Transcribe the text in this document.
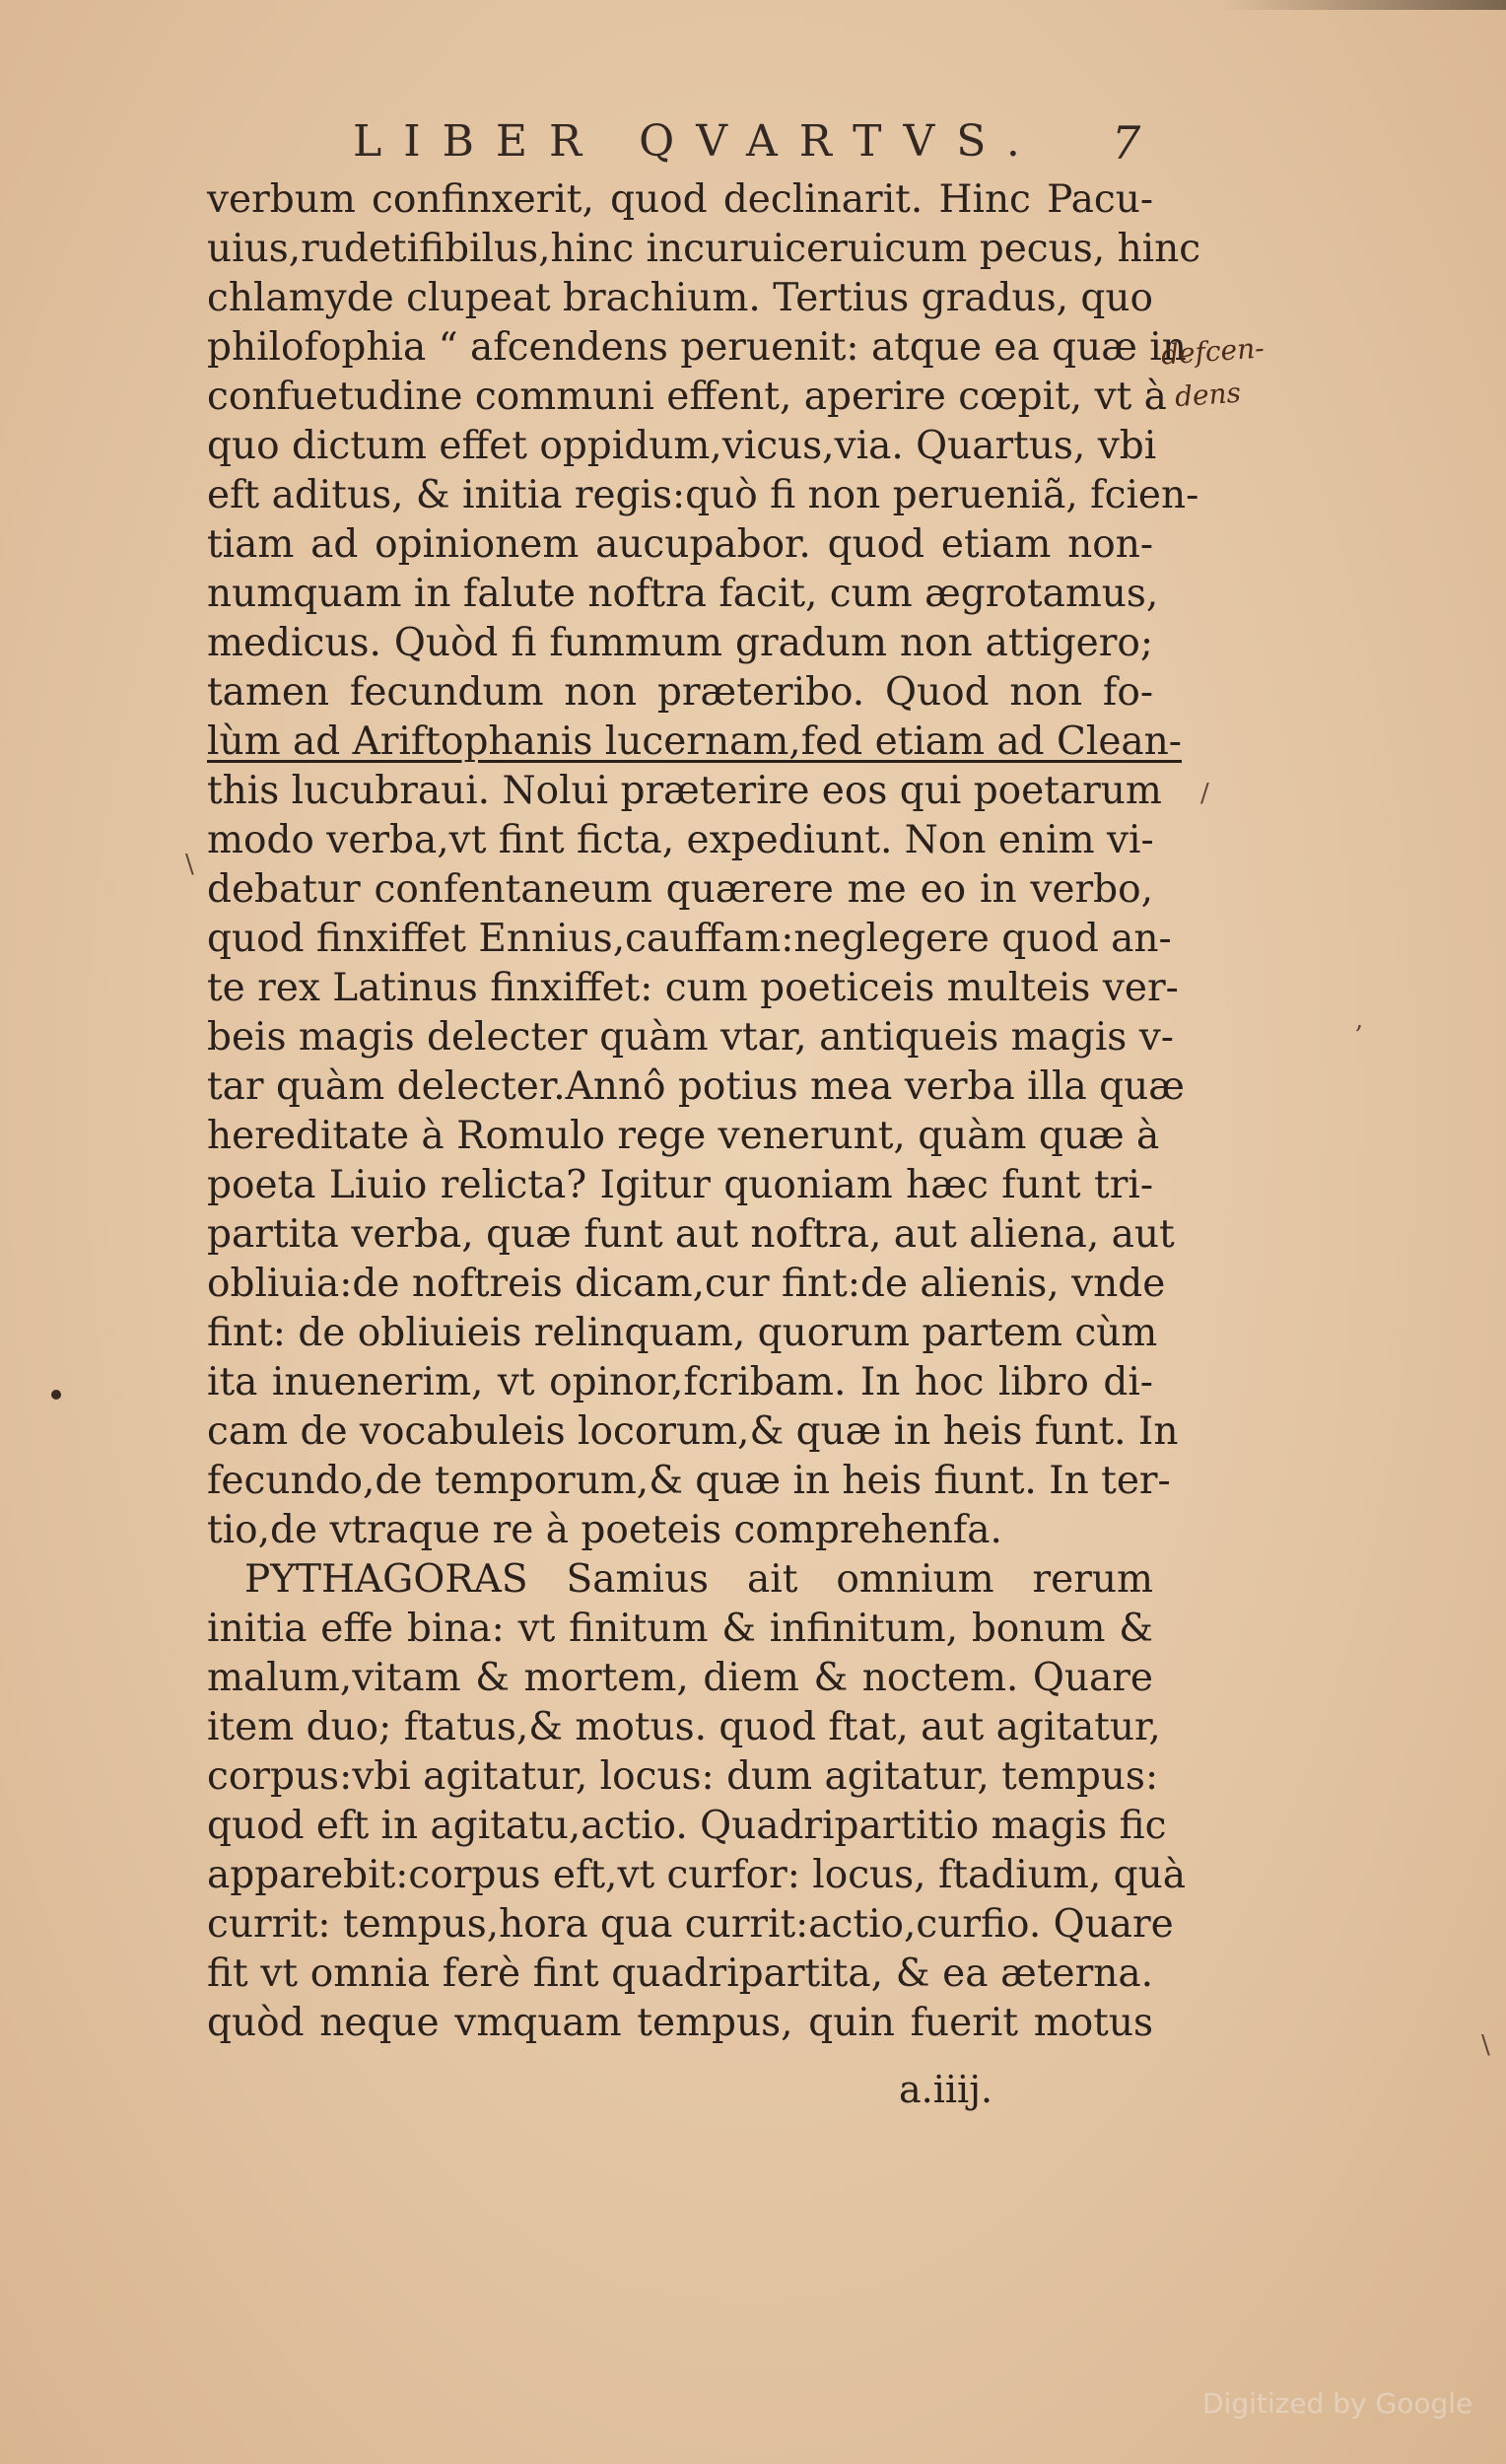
LIBER QVARTVS.	7
verbum confinxerit, quod declinarit. Hinc Pacu-
uius,rudetifibilus,hinc incuruiceruicum pecus, hinc
chlamyde clupeat brachium. Tertius gradus, quo
philofophia “ afcendens peruenit: atque ea quæ in
confuetudine communi effent, aperire cœpit, vt à
quo dictum effet oppidum,vicus,via. Quartus, vbi
eft aditus, & initia regis:quò fi non perueniã, fcien-
tiam ad opinionem aucupabor. quod etiam non-
numquam in falute noftra facit, cum ægrotamus,
medicus. Quòd fi fummum gradum non attigero;
tamen fecundum non præteribo. Quod non fo-
lùm ad Ariftophanis lucernam,fed etiam ad Clean-
this lucubraui. Nolui præterire eos qui poetarum
modo verba,vt fint ficta, expediunt. Non enim vi-
debatur confentaneum quærere me eo in verbo,
quod finxiffet Ennius,cauffam:neglegere quod an-
te rex Latinus finxiffet: cum poeticeis multeis ver-
beis magis delecter quàm vtar, antiqueis magis v-
tar quàm delecter.Annô potius mea verba illa quæ
hereditate à Romulo rege venerunt, quàm quæ à
poeta Liuio relicta? Igitur quoniam hæc funt tri-
partita verba, quæ funt aut noftra, aut aliena, aut
obliuia:de noftreis dicam,cur fint:de alienis, vnde
fint: de obliuieis relinquam, quorum partem cùm
ita inuenerim, vt opinor,fcribam. In hoc libro di-
cam de vocabuleis locorum,& quæ in heis funt. In
fecundo,de temporum,& quæ in heis fiunt. In ter-
tio,de vtraque re à poeteis comprehenfa.
PYTHAGORAS Samius ait omnium rerum
initia effe bina: vt finitum & infinitum, bonum &
malum,vitam & mortem, diem & noctem. Quare
item duo; ftatus,& motus. quod ftat, aut agitatur,
corpus:vbi agitatur, locus: dum agitatur, tempus:
quod eft in agitatu,actio. Quadripartitio magis fic
apparebit:corpus eft,vt curfor: locus, ftadium, quà
currit: tempus,hora qua currit:actio,curfio. Quare
fit vt omnia ferè fint quadripartita, & ea æterna.
quòd neque vmquam tempus, quin fuerit motus
a.iiij.
defcen-
dens
/
\
,
\
Digitized by Google
